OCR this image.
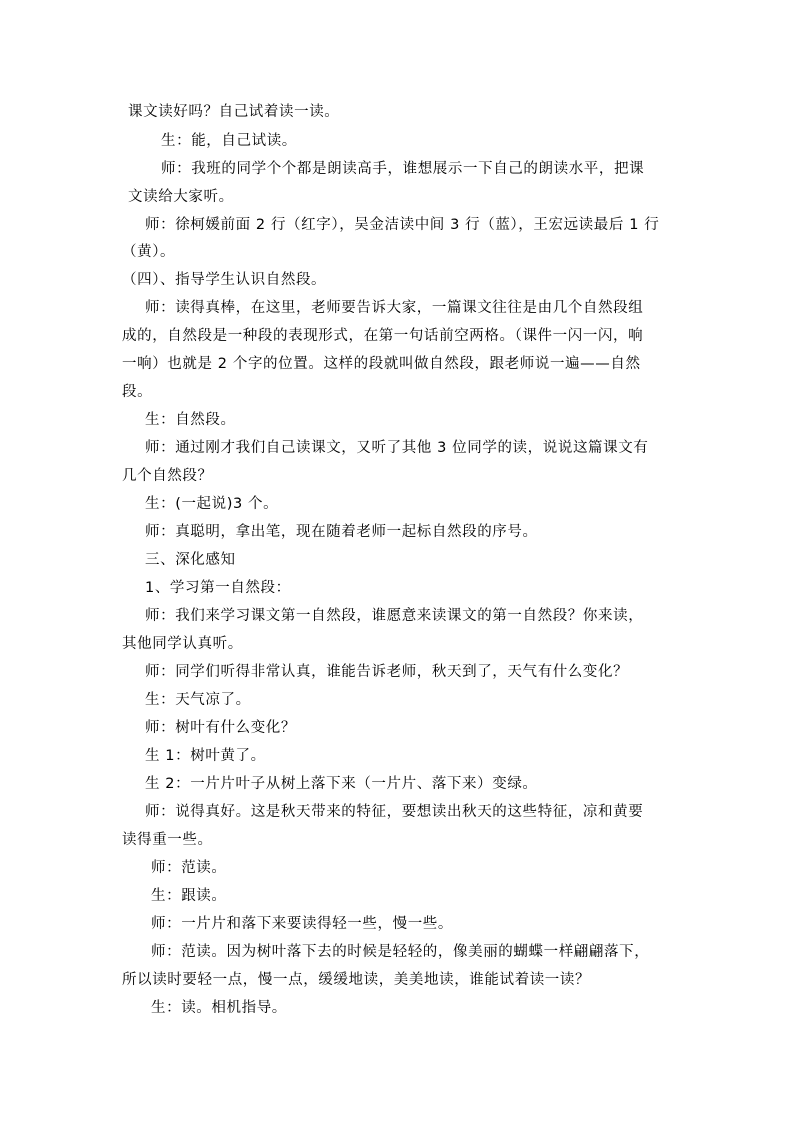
课文读好吗？自己试着读一读。

生：能，自己试读。

师：我班的同学个个都是朗读高手，谁想展示一下自己的朗读水平，把课

文读给大家听。

师：徐柯媛前面 2 行（红字），吴金洁读中间 3 行（蓝），王宏远读最后 1 行

（黄）。

（四）、指导学生认识自然段。

师：读得真棒，在这里，老师要告诉大家，一篇课文往往是由几个自然段组

成的，自然段是一种段的表现形式，在第一句话前空两格。（课件一闪一闪，响

一响）也就是 2 个字的位置。这样的段就叫做自然段，跟老师说一遍——自然

段。

生：自然段。

师：通过刚才我们自己读课文，又听了其他 3 位同学的读，说说这篇课文有

几个自然段？

生：(一起说)3 个。

师：真聪明，拿出笔，现在随着老师一起标自然段的序号。

三、深化感知

1、学习第一自然段：

师：我们来学习课文第一自然段，谁愿意来读课文的第一自然段？你来读，

其他同学认真听。

师：同学们听得非常认真，谁能告诉老师，秋天到了，天气有什么变化？

生：天气凉了。

师：树叶有什么变化？

生 1：树叶黄了。

生 2：一片片叶子从树上落下来（一片片、落下来）变绿。

师：说得真好。这是秋天带来的特征，要想读出秋天的这些特征，凉和黄要

读得重一些。

师：范读。

生：跟读。

师：一片片和落下来要读得轻一些，慢一些。

师：范读。因为树叶落下去的时候是轻轻的，像美丽的蝴蝶一样翩翩落下，

所以读时要轻一点，慢一点，缓缓地读，美美地读，谁能试着读一读？

生：读。相机指导。
